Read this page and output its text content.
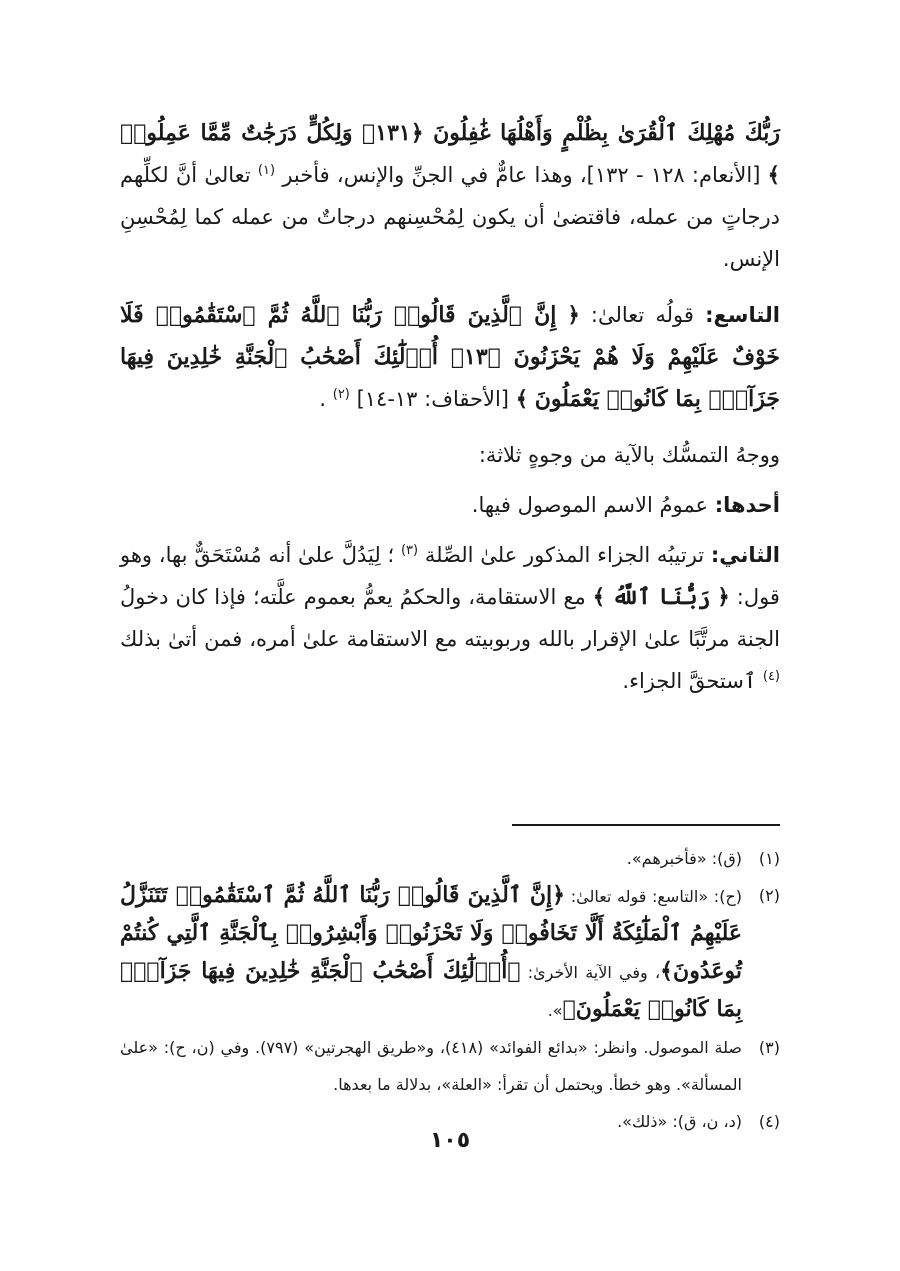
رَبُّكَ مُهْلِكَ ٱلْقُرَىٰ بِظُلْمٍ وَأَهْلُهَا غَٰفِلُونَ ﴿١٣١﴾ وَلِكُلٍّ دَرَجَٰتٌ مِّمَّا عَمِلُوا۟ ﴾ [الأنعام: ١٢٨ - ١٣٢]، وهذا عامٌّ في الجنِّ والإنس، فأخبر $^{(١)}$ تعالىٰ أنَّ لكلِّهم درجاتٍ من عمله، فاقتضىٰ أن يكون لِمُحْسِنهم درجاتٌ من عمله كما لِمُحْسِنِ الإنس.

التاسع: قولُه تعالىٰ: ﴿ إِنَّ ٱلَّذِينَ قَالُوا۟ رَبُّنَا ٱللَّهُ ثُمَّ ٱسْتَقَٰمُوا۟ فَلَا خَوْفٌ عَلَيْهِمْ وَلَا هُمْ يَحْزَنُونَ ﴿١٣﴾ أُو۟لَٰٓئِكَ أَصْحَٰبُ ٱلْجَنَّةِ خَٰلِدِينَ فِيهَا جَزَآءًۢ بِمَا كَانُوا۟ يَعْمَلُونَ ﴾ [الأحقاف: ١٣-١٤] $^{(٢)}$ .

ووجهُ التمسُّك بالآية من وجوهٍ ثلاثة:

أحدها: عمومُ الاسم الموصول فيها.

الثاني: ترتيبُه الجزاء المذكور علىٰ الصِّلة $^{(٣)}$ ؛ لِيَدُلَّ علىٰ أنه مُسْتَحَقٌّ بها، وهو قول: ﴿ رَبُّنَا ٱللَّهُ ﴾ مع الاستقامة، والحكمُ يعمُّ بعموم علَّته؛ فإذا كان دخولُ الجنة مرتَّبًا علىٰ الإقرار بالله وربوبيته مع الاستقامة علىٰ أمره، فمن أتىٰ بذلك $^{(٤)}$ ٱستحقَّ الجزاء.

(١)
(ق): «فأخبرهم».
(٢)
(ح): «التاسع: قوله تعالىٰ: ﴿إِنَّ ٱلَّذِينَ قَالُوا۟ رَبُّنَا ٱللَّهُ ثُمَّ ٱسْتَقَٰمُوا۟ تَتَنَزَّلُ عَلَيْهِمُ ٱلْمَلَٰٓئِكَةُ أَلَّا تَخَافُوا۟ وَلَا تَحْزَنُوا۟ وَأَبْشِرُوا۟ بِٱلْجَنَّةِ ٱلَّتِي كُنتُمْ تُوعَدُونَ﴾، وفي الآية الأخرىٰ: ﴿أُو۟لَٰٓئِكَ أَصْحَٰبُ ٱلْجَنَّةِ خَٰلِدِينَ فِيهَا جَزَآءًۢ بِمَا كَانُوا۟ يَعْمَلُونَ﴾».
(٣)
صلة الموصول. وانظر: «بدائع الفوائد» (٤١٨)، و«طريق الهجرتين» (٧٩٧). وفي (ن، ح): «علىٰ المسألة». وهو خطأ. ويحتمل أن تقرأ: «العلة»، بدلالة ما بعدها.
(٤)
(د، ن، ق): «ذلك».
١٠٥
